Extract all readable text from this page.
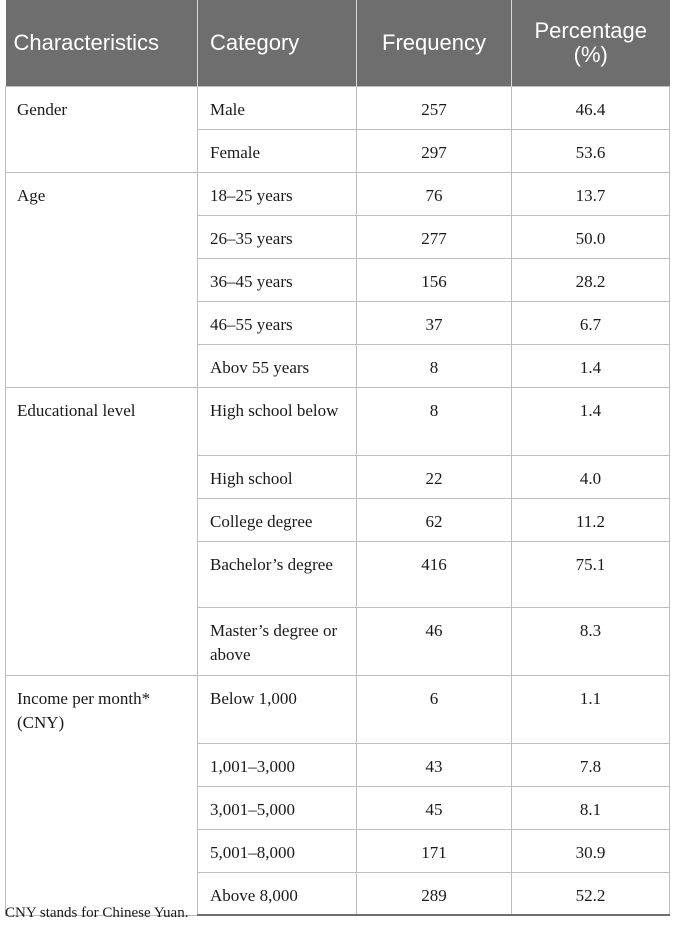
Characteristics	Category	Frequency	Percentage (%)
Gender	Male	257	46.4
	Female	297	53.6
Age	18–25 years	76	13.7
	26–35 years	277	50.0
	36–45 years	156	28.2
	46–55 years	37	6.7
	Abov 55 years	8	1.4
Educational level	High school below	8	1.4
	High school	22	4.0
	College degree	62	11.2
	Bachelor’s degree	416	75.1
	Master’s degree or above	46	8.3
Income per month* (CNY)	Below 1,000	6	1.1
	1,001–3,000	43	7.8
	3,001–5,000	45	8.1
	5,001–8,000	171	30.9
	Above 8,000	289	52.2
CNY stands for Chinese Yuan.
